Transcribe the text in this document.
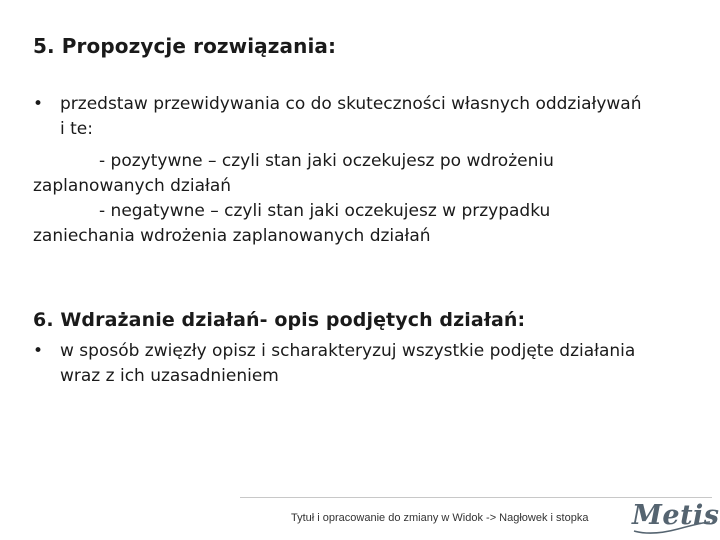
5. Propozycje rozwiązania:
• przedstaw przewidywania co do skuteczności własnych oddziaływań
i te:
- pozytywne – czyli stan jaki oczekujesz po wdrożeniu
zaplanowanych działań
- negatywne – czyli stan jaki oczekujesz w przypadku
zaniechania wdrożenia zaplanowanych działań
6. Wdrażanie działań- opis podjętych działań:
• w sposób zwięzły opisz i scharakteryzuj wszystkie podjęte działania
wraz z ich uzasadnieniem
Tytuł i opracowanie do zmiany w Widok -> Nagłowek i stopka Metis
